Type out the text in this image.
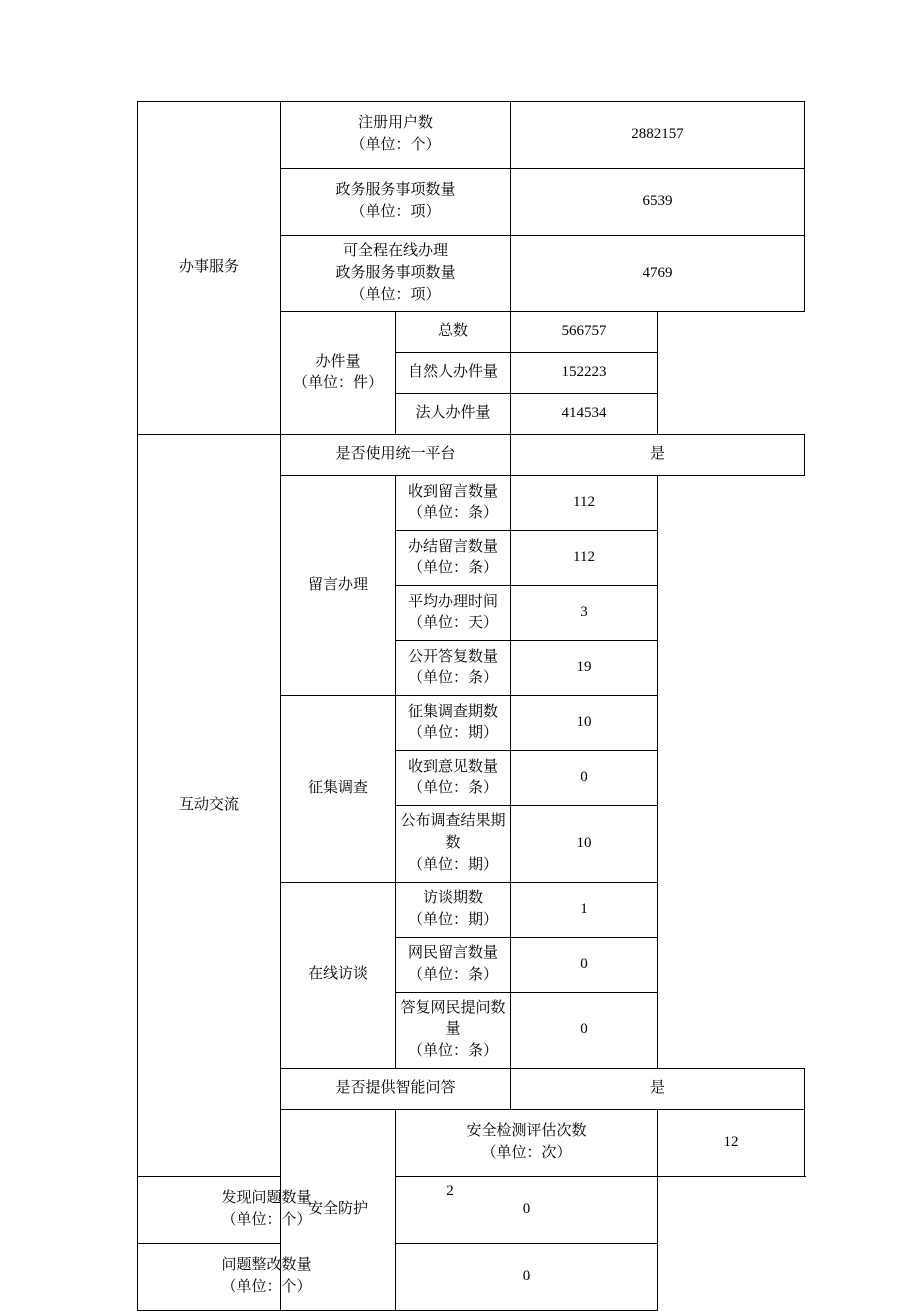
办事服务	注册用户数
（单位：个）		2882157	

	政务服务事项数量
（单位：项）		6539	

	可全程在线办理
政务服务事项数量
（单位：项）		4769	

	办件量
（单位：件）	总数	566757	

		自然人办件量	152223	

		法人办件量	414534	
互动交流	是否使用统一平台		是	

	留言办理	收到留言数量
（单位：条）	112	

		办结留言数量
（单位：条）	112	

		平均办理时间
（单位：天）	3	

		公开答复数量
（单位：条）	19	

	征集调查	征集调查期数
（单位：期）	10	

		收到意见数量
（单位：条）	0	

		公布调查结果期数
（单位：期）	10	

	在线访谈	访谈期数
（单位：期）	1	

		网民留言数量
（单位：条）	0	

		答复网民提问数量
（单位：条）	0	

	是否提供智能问答		是	
	安全防护	安全检测评估次数
（单位：次）		12

发现问题数量
（单位：个）		0		

问题整改数量
（单位：个）		0		
2
